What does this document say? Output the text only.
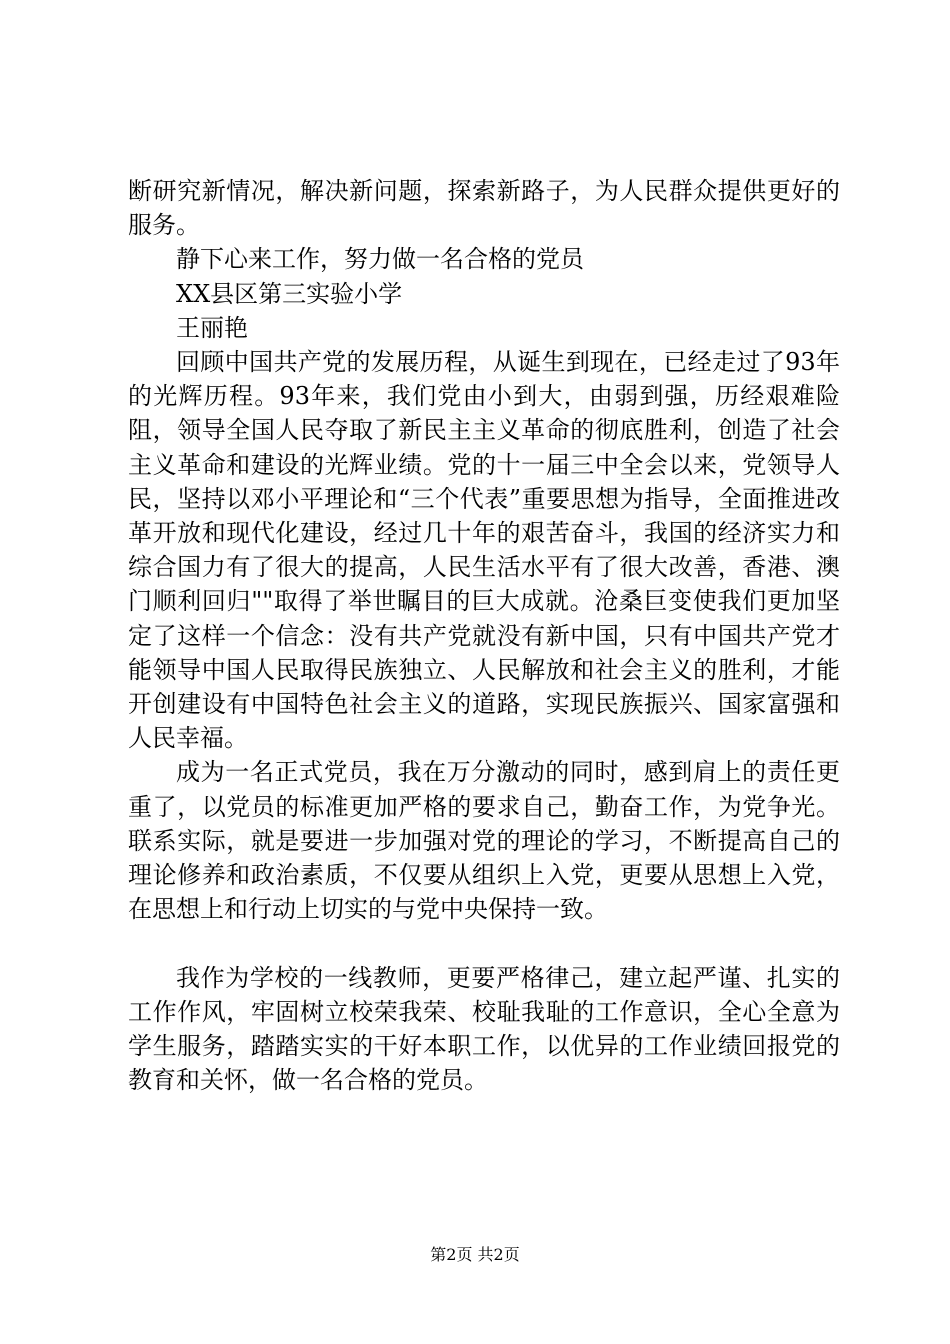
断研究新情况，解决新问题，探索新路子，为人民群众提供更好的服务。

静下心来工作，努力做一名合格的党员

XX县区第三实验小学

王丽艳

回顾中国共产党的发展历程，从诞生到现在，已经走过了93年的光辉历程。93年来，我们党由小到大，由弱到强，历经艰难险阻，领导全国人民夺取了新民主主义革命的彻底胜利，创造了社会主义革命和建设的光辉业绩。党的十一届三中全会以来，党领导人民，坚持以邓小平理论和“三个代表”重要思想为指导，全面推进改革开放和现代化建设，经过几十年的艰苦奋斗，我国的经济实力和综合国力有了很大的提高，人民生活水平有了很大改善，香港、澳门顺利回归""取得了举世瞩目的巨大成就。沧桑巨变使我们更加坚定了这样一个信念：没有共产党就没有新中国，只有中国共产党才能领导中国人民取得民族独立、人民解放和社会主义的胜利，才能开创建设有中国特色社会主义的道路，实现民族振兴、国家富强和人民幸福。

成为一名正式党员，我在万分激动的同时，感到肩上的责任更重了，以党员的标准更加严格的要求自己，勤奋工作，为党争光。联系实际，就是要进一步加强对党的理论的学习，不断提高自己的理论修养和政治素质，不仅要从组织上入党，更要从思想上入党，在思想上和行动上切实的与党中央保持一致。

我作为学校的一线教师，更要严格律己，建立起严谨、扎实的工作作风，牢固树立校荣我荣、校耻我耻的工作意识，全心全意为学生服务，踏踏实实的干好本职工作，以优异的工作业绩回报党的教育和关怀，做一名合格的党员。

第2页 共2页
